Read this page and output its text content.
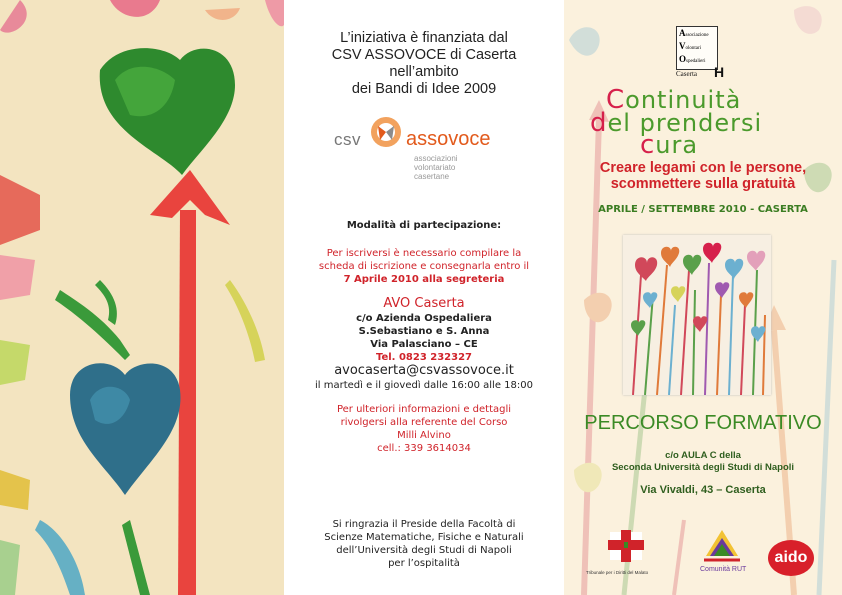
L’iniziativa è finanziata dal
CSV ASSOVOCE di Caserta
nell’ambito
dei Bandi di Idee 2009
csv assovoce
associazioni
volontariato
casertane
Modalità di partecipazione:
Per iscriversi è necessario compilare la
scheda di iscrizione e consegnarla entro il
7 Aprile 2010 alla segreteria
AVO Caserta
c/o Azienda Ospedaliera
S.Sebastiano e S. Anna
Via Palasciano – CE
Tel. 0823 232327
avocaserta@csvassovoce.it
il martedì e il giovedì dalle 16:00 alle 18:00
Per ulteriori informazioni e dettagli
rivolgersi alla referente del Corso
Milli Alvino
cell.: 339 3614034
Si ringrazia il Preside della Facoltà di
Scienze Matematiche, Fisiche e Naturali
dell’Università degli Studi di Napoli
per l’ospitalità
Associazione
Volontari
Ospedalieri
Caserta	H
Continuità
del prendersi
cura
Creare legami con le persone,
scommettere sulla gratuità
APRILE / SETTEMBRE 2010 - CASERTA
PERCORSO FORMATIVO
c/o AULA C della
Seconda Università degli Studi di Napoli
Via Vivaldi, 43 – Caserta
Tribunale per i Diritti del Malato	Comunità RUT
aido
